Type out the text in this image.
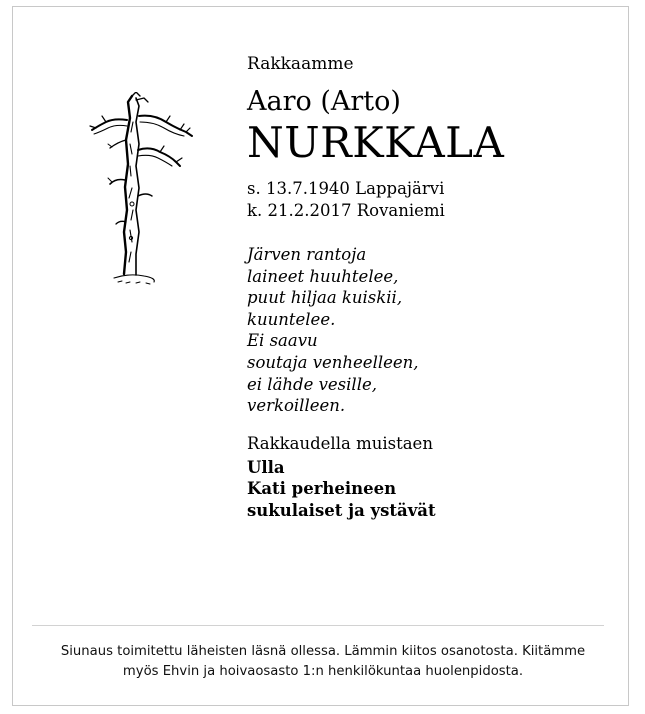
Rakkaamme

Aaro (Arto)

NURKKALA

s. 13.7.1940 Lappajärvi
k. 21.2.2017 Rovaniemi
Järven rantoja
laineet huuhtelee,
puut hiljaa kuiskii,
kuuntelee.
Ei saavu
soutaja venheelleen,
ei lähde vesille,
verkoilleen.
Rakkaudella muistaen
Ulla
Kati perheineen
sukulaiset ja ystävät
Siunaus toimitettu läheisten läsnä ollessa. Lämmin kiitos osanotosta. Kiitämme
myös Ehvin ja hoivaosasto 1:n henkilökuntaa huolenpidosta.
